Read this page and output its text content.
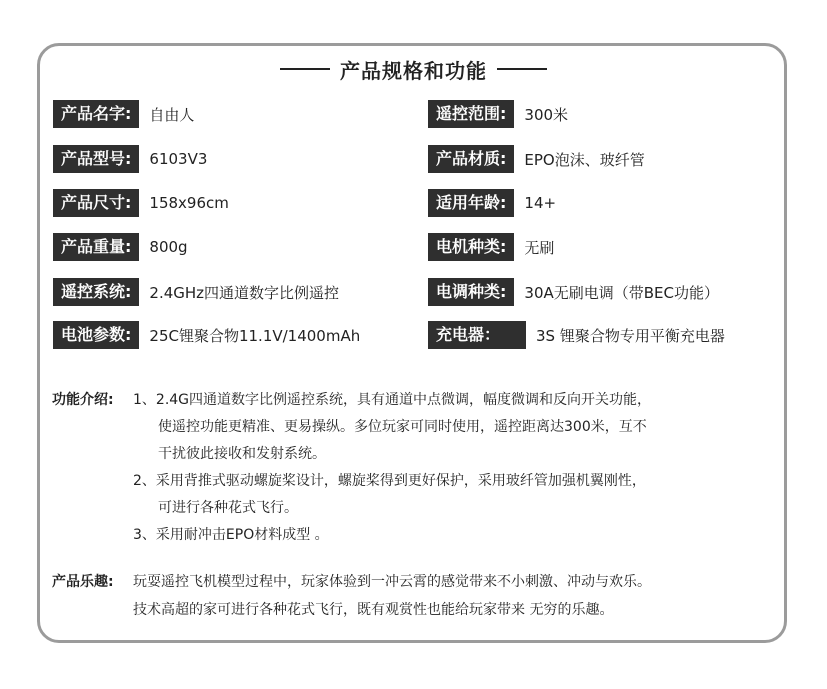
产品规格和功能
产品名字:	自由人
产品型号:	6103V3
产品尺寸:	158x96cm
产品重量:	800g
遥控系统:	2.4GHz四通道数字比例遥控
电池参数:	25C锂聚合物11.1V/1400mAh
遥控范围:	300米
产品材质:	EPO泡沫、玻纤管
适用年龄:	14+
电机种类:	无刷
电调种类:	30A无刷电调（带BEC功能）
充电器：	3S 锂聚合物专用平衡充电器
功能介绍: 1、2.4G四通道数字比例遥控系统，具有通道中点微调，幅度微调和反向开关功能，
使遥控功能更精准、更易操纵。多位玩家可同时使用，遥控距离达300米，互不
干扰彼此接收和发射系统。
2、采用背推式驱动螺旋桨设计，螺旋桨得到更好保护，采用玻纤管加强机翼刚性，
可进行各种花式飞行。
3、采用耐冲击EPO材料成型 。
产品乐趣: 玩耍遥控飞机模型过程中，玩家体验到一冲云霄的感觉带来不小刺激、冲动与欢乐。
技术高超的家可进行各种花式飞行，既有观赏性也能给玩家带来 无穷的乐趣。
